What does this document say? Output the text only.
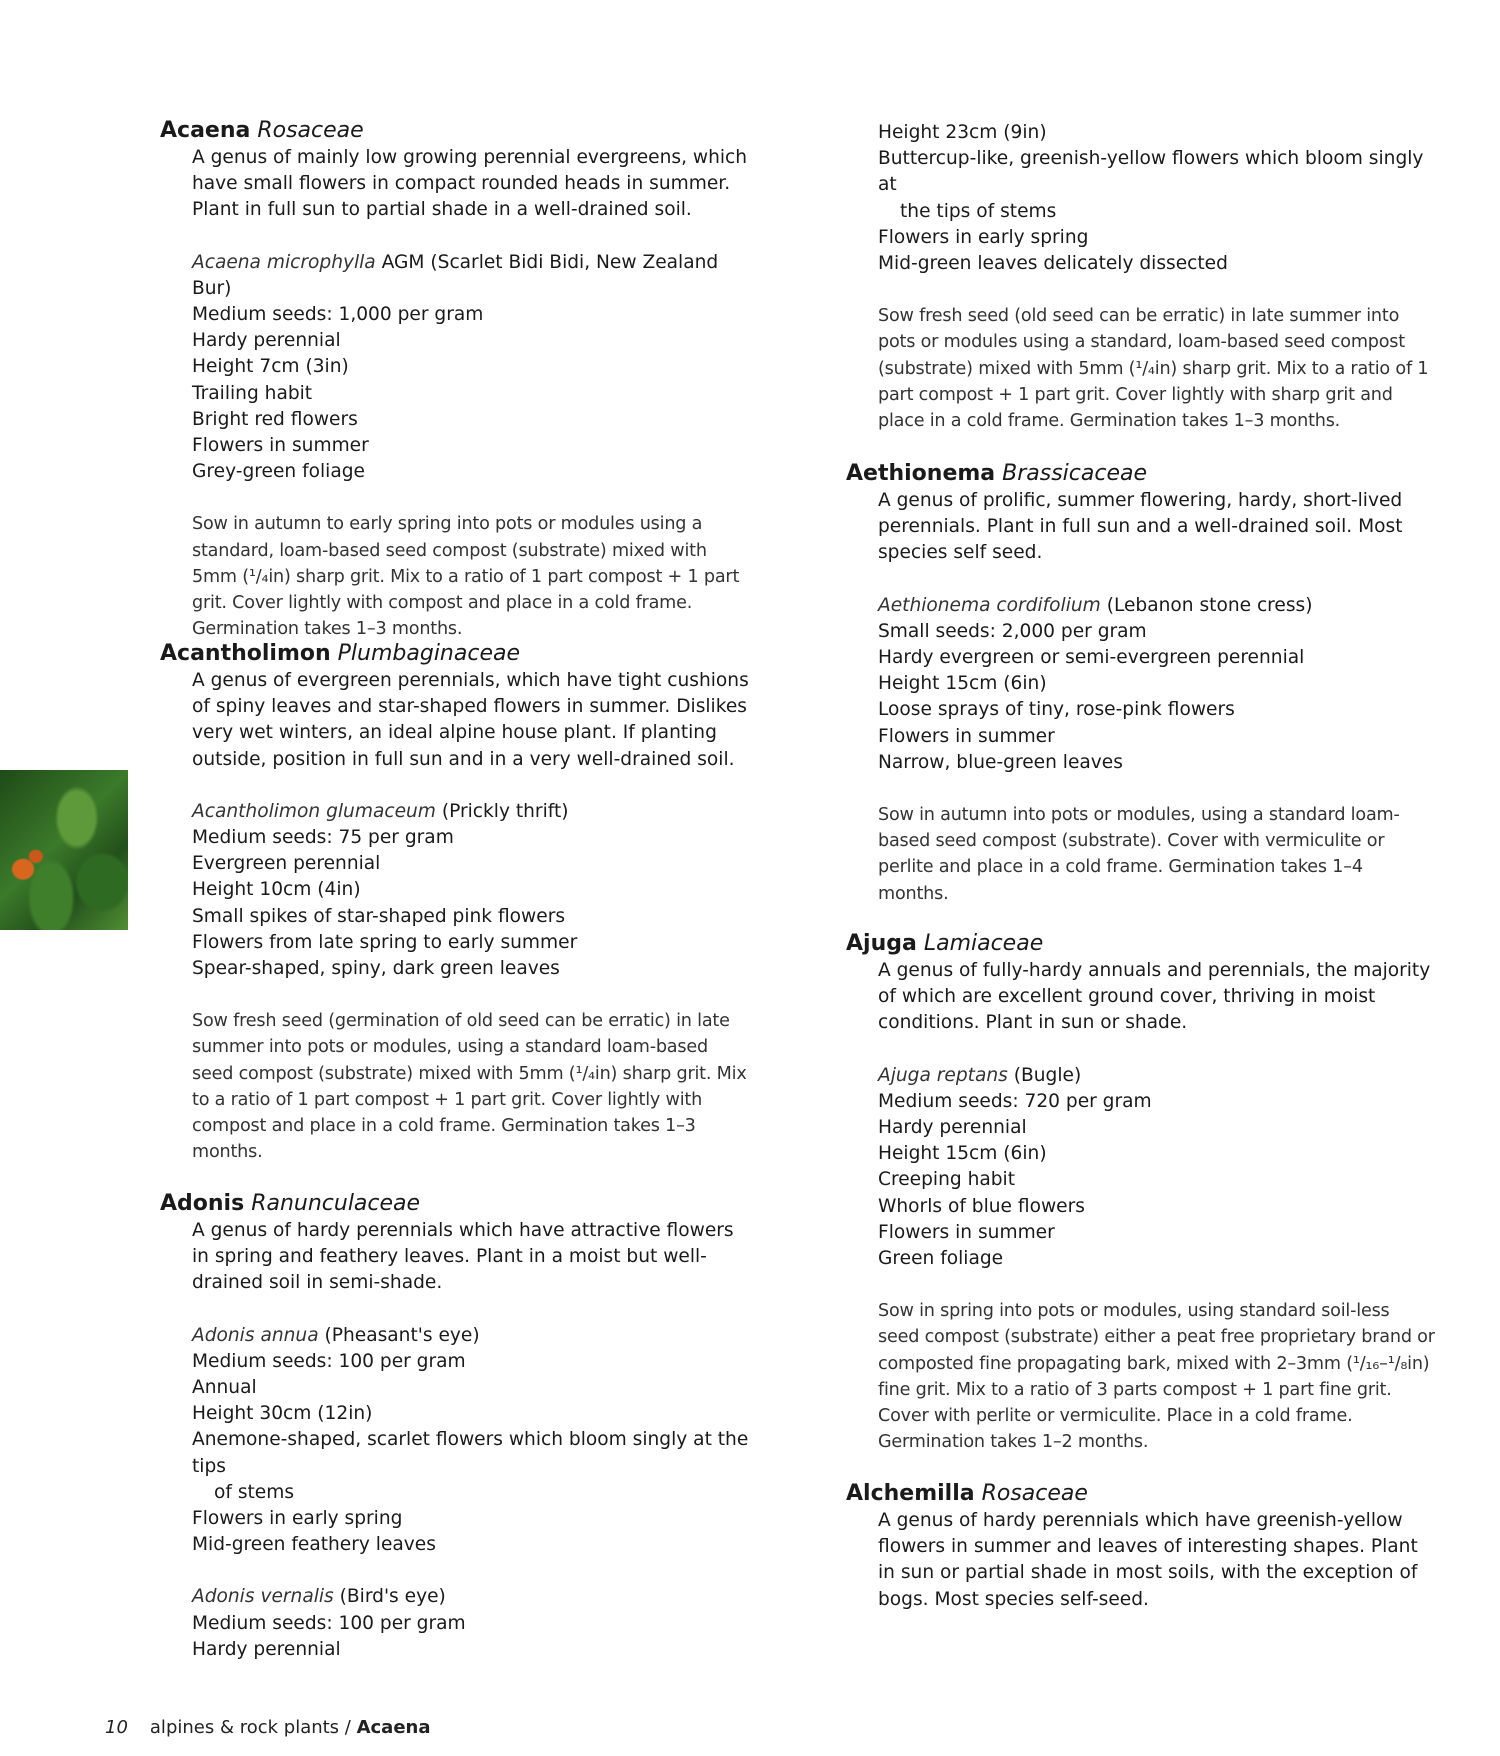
Acaena Rosaceae

A genus of mainly low growing perennial evergreens, which have small flowers in compact rounded heads in summer. Plant in full sun to partial shade in a well-drained soil.

Acaena microphylla AGM (Scarlet Bidi Bidi, New Zealand Bur)

Medium seeds: 1,000 per gram

Hardy perennial

Height 7cm (3in)

Trailing habit

Bright red flowers

Flowers in summer

Grey-green foliage

Sow in autumn to early spring into pots or modules using a standard, loam-based seed compost (substrate) mixed with 5mm (¹/₄in) sharp grit. Mix to a ratio of 1 part compost + 1 part grit. Cover lightly with compost and place in a cold frame. Germination takes 1–3 months.

Acantholimon Plumbaginaceae

A genus of evergreen perennials, which have tight cushions of spiny leaves and star-shaped flowers in summer. Dislikes very wet winters, an ideal alpine house plant. If planting outside, position in full sun and in a very well-drained soil.

Acantholimon glumaceum (Prickly thrift)

Medium seeds: 75 per gram

Evergreen perennial

Height 10cm (4in)

Small spikes of star-shaped pink flowers

Flowers from late spring to early summer

Spear-shaped, spiny, dark green leaves

Sow fresh seed (germination of old seed can be erratic) in late summer into pots or modules, using a standard loam-based seed compost (substrate) mixed with 5mm (¹/₄in) sharp grit. Mix to a ratio of 1 part compost + 1 part grit. Cover lightly with compost and place in a cold frame. Germination takes 1–3 months.

Adonis Ranunculaceae

A genus of hardy perennials which have attractive flowers in spring and feathery leaves. Plant in a moist but well-drained soil in semi-shade.

Adonis annua (Pheasant's eye)

Medium seeds: 100 per gram

Annual

Height 30cm (12in)

Anemone-shaped, scarlet flowers which bloom singly at the tips

of stems

Flowers in early spring

Mid-green feathery leaves

Adonis vernalis (Bird's eye)

Medium seeds: 100 per gram

Hardy perennial

Height 23cm (9in)

Buttercup-like, greenish-yellow flowers which bloom singly at

the tips of stems

Flowers in early spring

Mid-green leaves delicately dissected

Sow fresh seed (old seed can be erratic) in late summer into pots or modules using a standard, loam-based seed compost (substrate) mixed with 5mm (¹/₄in) sharp grit. Mix to a ratio of 1 part compost + 1 part grit. Cover lightly with sharp grit and place in a cold frame. Germination takes 1–3 months.

Aethionema Brassicaceae

A genus of prolific, summer flowering, hardy, short-lived perennials. Plant in full sun and a well-drained soil. Most species self seed.

Aethionema cordifolium (Lebanon stone cress)

Small seeds: 2,000 per gram

Hardy evergreen or semi-evergreen perennial

Height 15cm (6in)

Loose sprays of tiny, rose-pink flowers

Flowers in summer

Narrow, blue-green leaves

Sow in autumn into pots or modules, using a standard loam-based seed compost (substrate). Cover with vermiculite or perlite and place in a cold frame. Germination takes 1–4 months.

Ajuga Lamiaceae

A genus of fully-hardy annuals and perennials, the majority of which are excellent ground cover, thriving in moist conditions. Plant in sun or shade.

Ajuga reptans (Bugle)

Medium seeds: 720 per gram

Hardy perennial

Height 15cm (6in)

Creeping habit

Whorls of blue flowers

Flowers in summer

Green foliage

Sow in spring into pots or modules, using standard soil-less seed compost (substrate) either a peat free proprietary brand or composted fine propagating bark, mixed with 2–3mm (¹/₁₆–¹/₈in) fine grit. Mix to a ratio of 3 parts compost + 1 part fine grit. Cover with perlite or vermiculite. Place in a cold frame. Germination takes 1–2 months.

Alchemilla Rosaceae

A genus of hardy perennials which have greenish-yellow flowers in summer and leaves of interesting shapes. Plant in sun or partial shade in most soils, with the exception of bogs. Most species self-seed.

10 alpines & rock plants / Acaena
